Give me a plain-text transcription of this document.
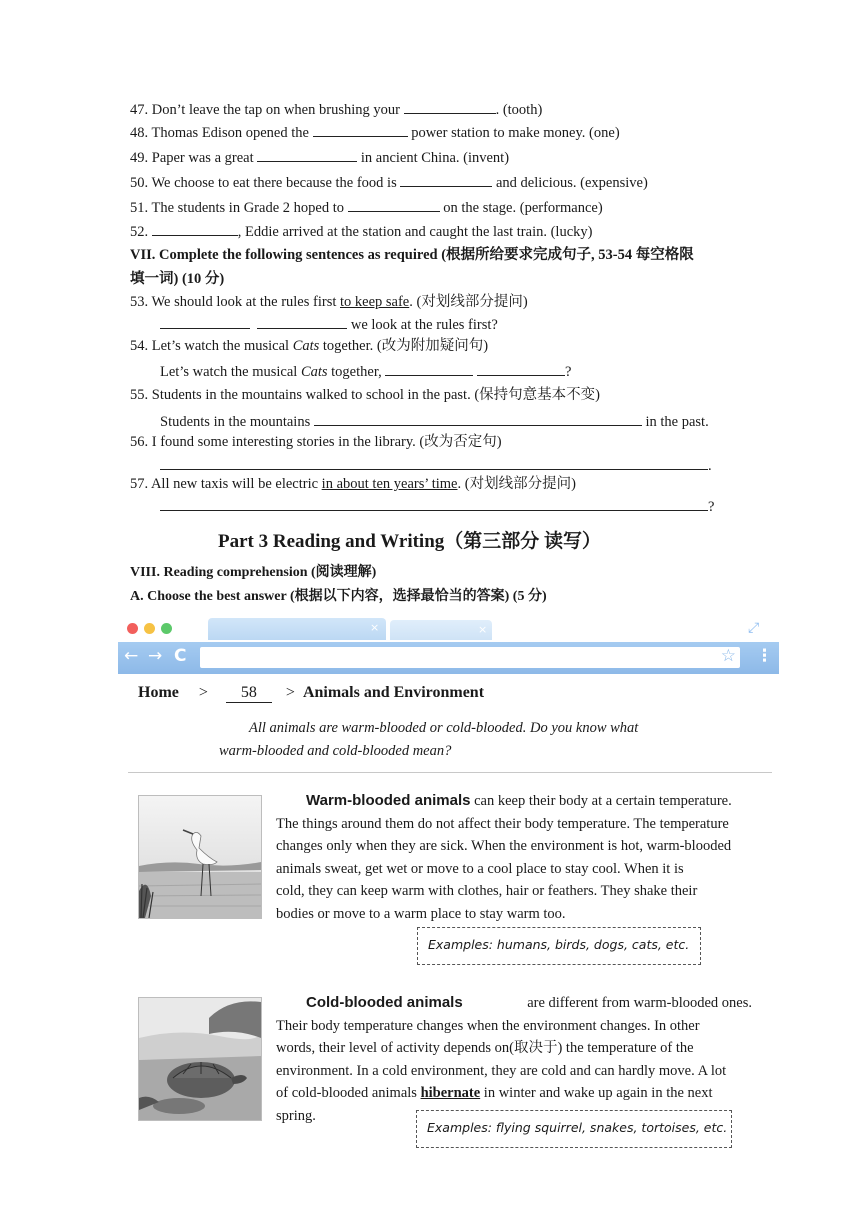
47. Don’t leave the tap on when brushing your	. (tooth)
48. Thomas Edison opened the	power station to make money. (one)
49. Paper was a great	in ancient China. (invent)
50. We choose to eat there because the food is	and delicious. (expensive)
51. The students in Grade 2 hoped to	on the stage. (performance)
52.	, Eddie arrived at the station and caught the last train. (lucky)
VII. Complete the following sentences as required (根据所给要求完成句子, 53-54 每空格限
填一词) (10 分)
53. We should look at the rules first to keep safe. (对划线部分提问)
we look at the rules first?
54. Let’s watch the musical Cats together. (改为附加疑问句)
Let’s watch the musical Cats together,	?
55. Students in the mountains walked to school in the past. (保持句意基本不变)
Students in the mountains	in the past.
56. I found some interesting stories in the library. (改为否定句)
.
57. All new taxis will be electric in about ten years’ time. (对划线部分提问)
?
Part 3 Reading and Writing（第三部分 读写）
VIII. Reading comprehension (阅读理解)
A. Choose the best answer (根据以下内容，选择最恰当的答案) (5 分)
×	×	⤢
← → C	☆ ⋮
Home > 58 > Animals and Environment
All animals are warm-blooded or cold-blooded. Do you know what
warm-blooded and cold-blooded mean?
Warm-blooded animals can keep their body at a certain temperature.
The things around them do not affect their body temperature. The temperature
changes only when they are sick. When the environment is hot, warm-blooded
animals sweat, get wet or move to a cool place to stay cool. When it is
cold, they can keep warm with clothes, hair or feathers. They shake their
bodies or move to a warm place to stay warm too.
Examples: humans, birds, dogs, cats, etc.
Cold-blooded animals	are different from warm-blooded ones.
Their body temperature changes when the environment changes. In other
words, their level of activity depends on(取决于) the temperature of the
environment. In a cold environment, they are cold and can hardly move. A lot
of cold-blooded animals hibernate in winter and wake up again in the next
spring.
Examples: flying squirrel, snakes, tortoises, etc.
